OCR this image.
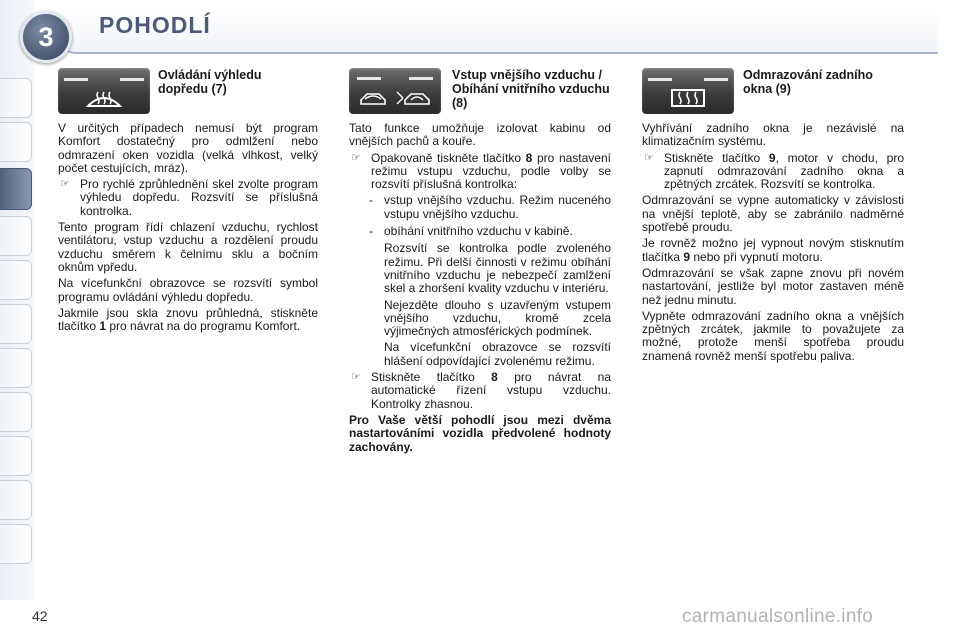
3	POHODLÍ
Ovládání výhledu dopředu (7)

V určitých případech nemusí být program Komfort dostatečný pro odmlžení nebo odmrazení oken vozidla (velká vlhkost, velký počet cestujících, mráz).

☞ Pro rychlé zprůhlednění skel zvolte program výhledu dopředu. Rozsvítí se příslušná kontrolka.

Tento program řídí chlazení vzduchu, rychlost ventilátoru, vstup vzduchu a rozdělení proudu vzduchu směrem k čelnímu sklu a bočním oknům vpředu.

Na vícefunkční obrazovce se rozsvítí symbol programu ovládání výhledu dopředu.

Jakmile jsou skla znovu průhledná, stiskněte tlačítko 1 pro návrat na do programu Komfort.

Vstup vnějšího vzduchu / Obíhání vnitřního vzduchu (8)

Tato funkce umožňuje izolovat kabinu od vnějších pachů a kouře.

☞ Opakovaně tiskněte tlačítko 8 pro nastavení režimu vstupu vzduchu, podle volby se rozsvítí příslušná kontrolka:
- vstup vnějšího vzduchu. Režim nuceného vstupu vnějšího vzduchu.
- obíhání vnitřního vzduchu v kabině.

Rozsvítí se kontrolka podle zvoleného režimu. Při delší činnosti v režimu obíhání vnitřního vzduchu je nebezpečí zamlžení skel a zhoršení kvality vzduchu v interiéru.

Nejezděte dlouho s uzavřeným vstupem vnějšího vzduchu, kromě zcela výjimečných atmosférických podmínek.

Na vícefunkční obrazovce se rozsvítí hlášení odpovídající zvolenému režimu.

☞ Stiskněte tlačítko 8 pro návrat na automatické řízení vstupu vzduchu. Kontrolky zhasnou.

Pro Vaše větší pohodlí jsou mezi dvěma nastartováními vozidla předvolené hodnoty zachovány.

Odmrazování zadního okna (9)

Vyhřívání zadního okna je nezávislé na klimatizačním systému.

☞ Stiskněte tlačítko 9, motor v chodu, pro zapnutí odmrazování zadního okna a zpětných zrcátek. Rozsvítí se kontrolka.

Odmrazování se vypne automaticky v závislosti na vnější teplotě, aby se zabránilo nadměrné spotřebě proudu.

Je rovněž možno jej vypnout novým stisknutím tlačítka 9 nebo při vypnutí motoru.

Odmrazování se však zapne znovu při novém nastartování, jestliže byl motor zastaven méně než jednu minutu.

Vypněte odmrazování zadního okna a vnějších zpětných zrcátek, jakmile to považujete za možné, protože menší spotřeba proudu znamená rovněž menší spotřebu paliva.

42	carmanualsonline.info
